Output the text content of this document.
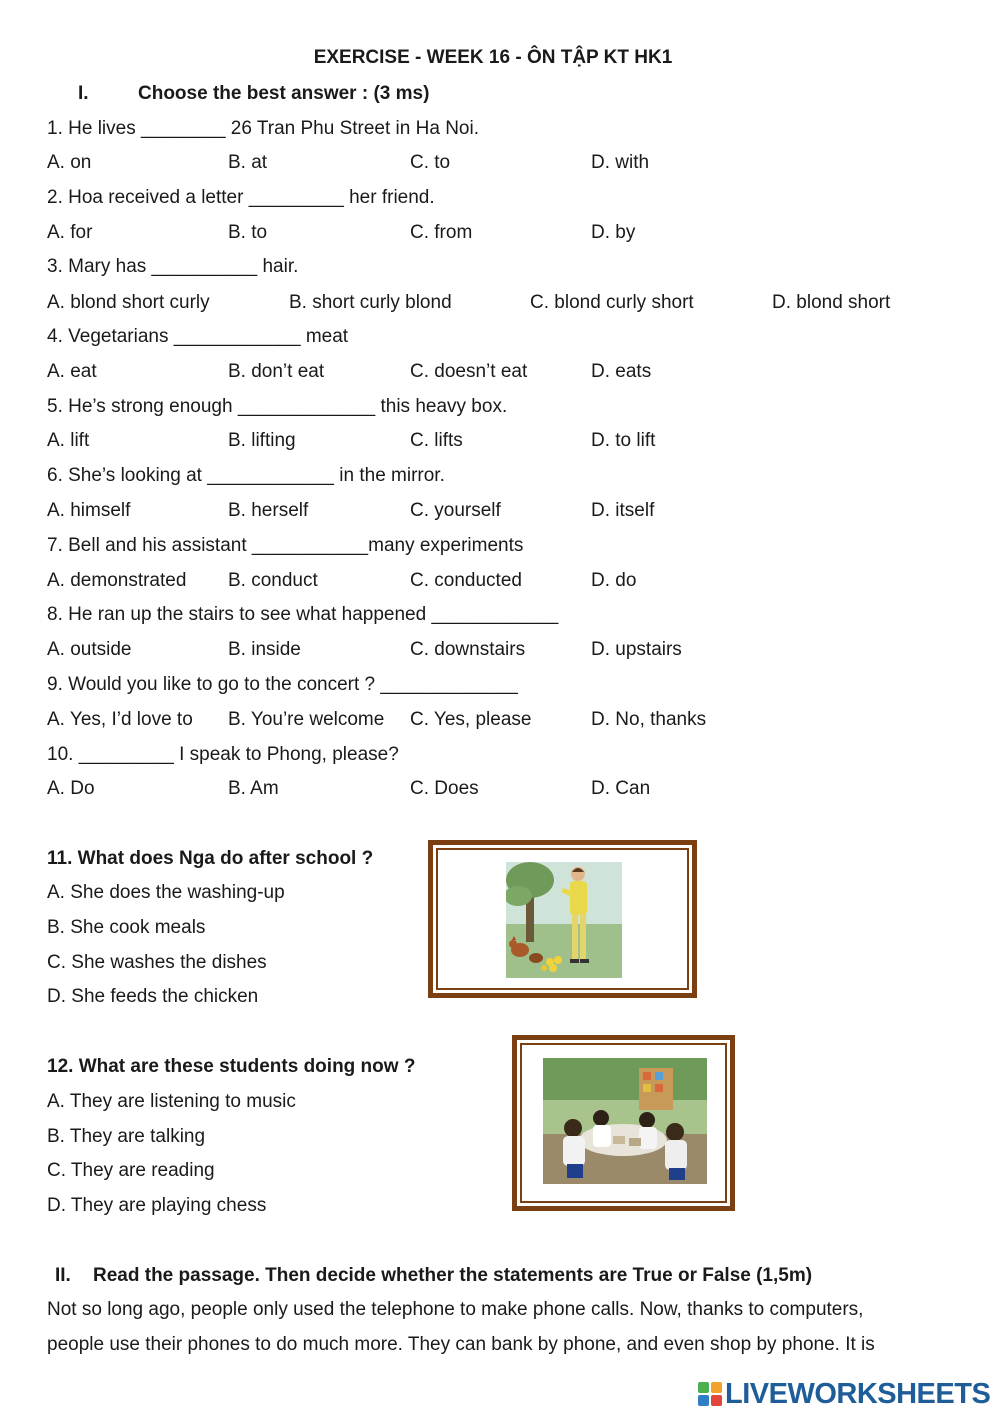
EXERCISE - WEEK 16 - ÔN TẬP KT HK1
I.	Choose the best answer : (3 ms)
1. He lives ________ 26 Tran Phu Street in Ha Noi.
A. on	B. at	C. to	D. with
2. Hoa received a letter _________ her friend.
A. for	B. to	C. from	D. by
3. Mary has __________ hair.
A. blond short curly	B. short curly blond	C. blond curly short	D. blond short
4. Vegetarians ____________ meat
A. eat	B. don’t eat	C. doesn’t eat	D. eats
5. He’s strong enough _____________ this heavy box.
A. lift	B. lifting	C. lifts	D. to lift
6. She’s looking at ____________ in the mirror.
A. himself	B. herself	C. yourself	D. itself
7. Bell and his assistant ___________many experiments
A. demonstrated B. conduct	C. conducted	D. do
8. He ran up the stairs to see what happened ____________
A. outside	B. inside	C. downstairs	D. upstairs
9. Would you like to go to the concert ? _____________
A. Yes, I’d love to B. You’re welcome C. Yes, please	D. No, thanks
10. _________ I speak to Phong, please?
A. Do	B. Am	C. Does	D. Can
11. What does Nga do after school ?
A. She does the washing-up
B. She cook meals
C. She washes the dishes
D. She feeds the chicken
12. What are these students doing now ?
A. They are listening to music
B. They are talking
C. They are reading
D. They are playing chess
II. Read the passage. Then decide whether the statements are True or False (1,5m)
Not so long ago, people only used the telephone to make phone calls. Now, thanks to computers,
people use their phones to do much more. They can bank by phone, and even shop by phone. It is
LIVEWORKSHEETS
